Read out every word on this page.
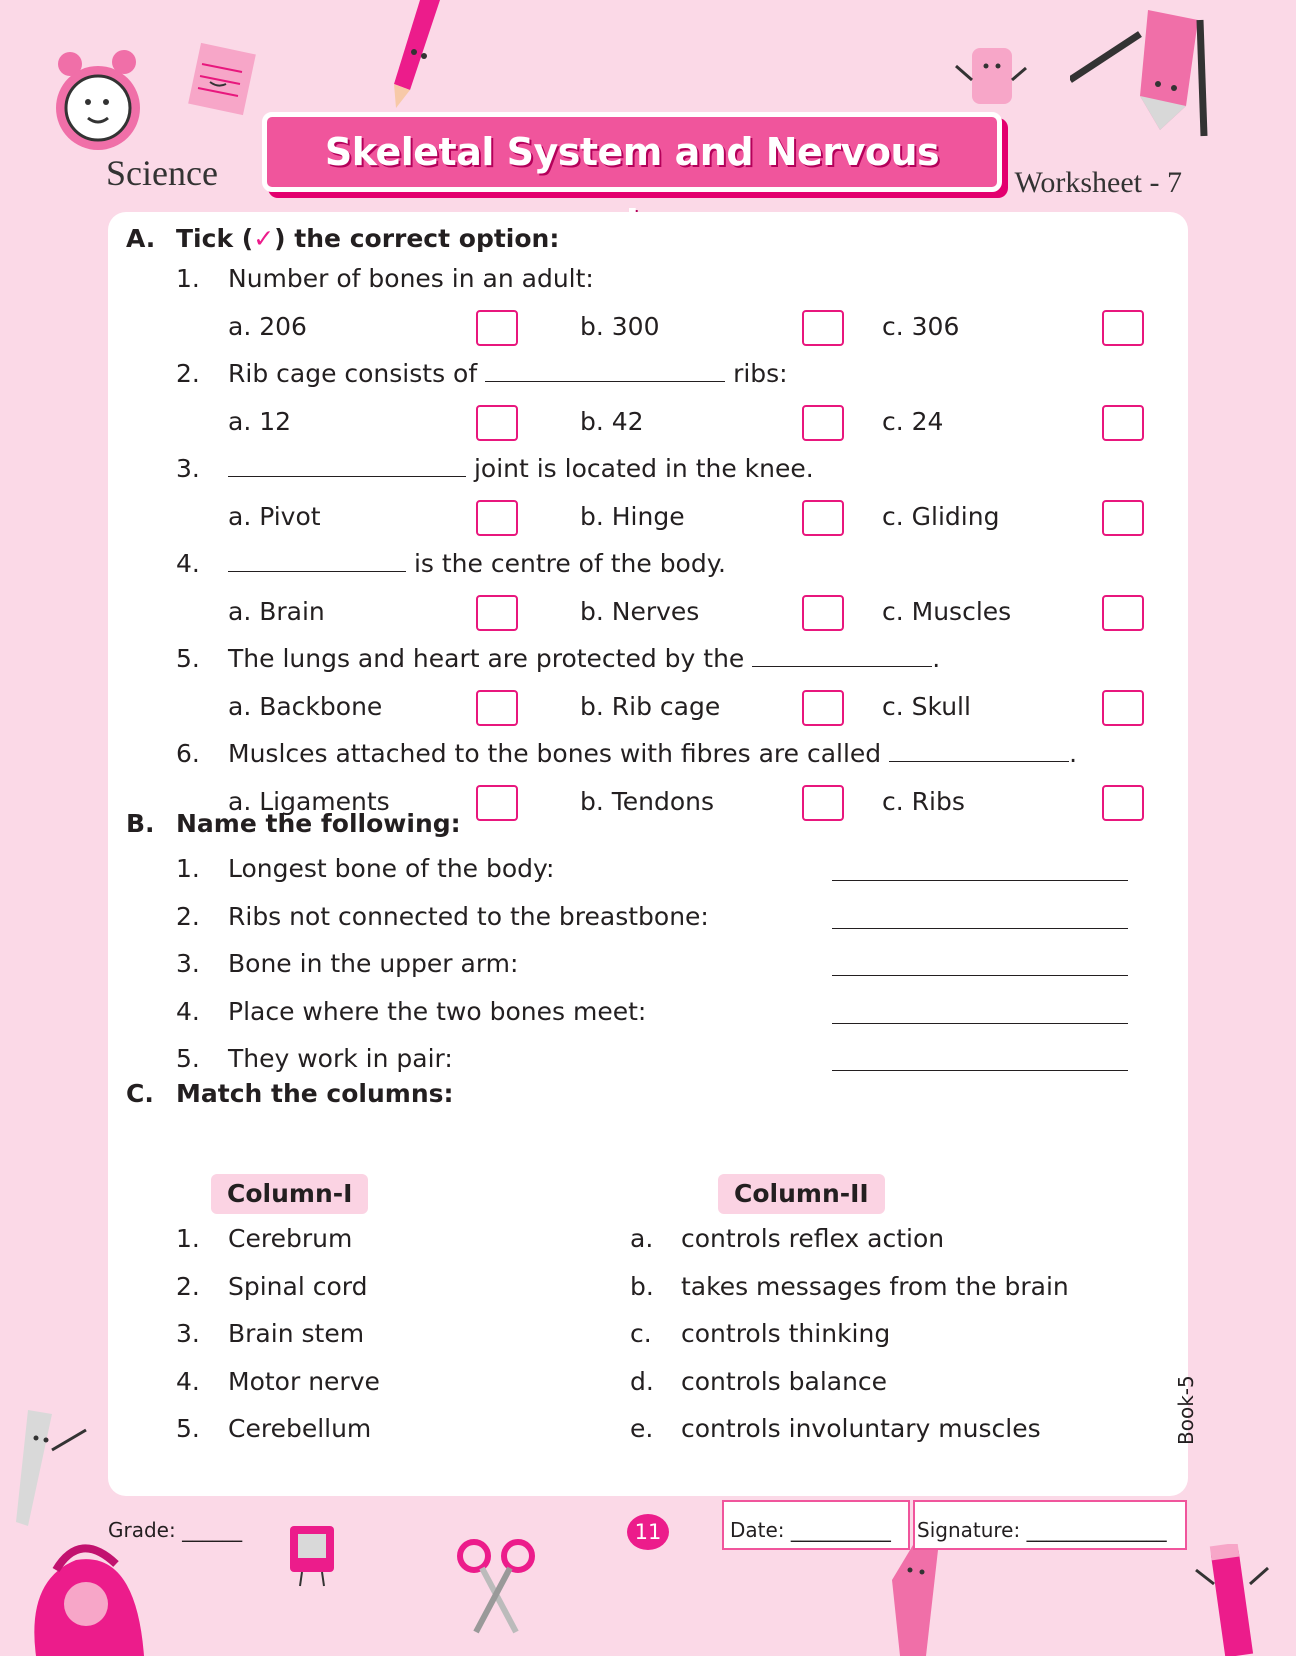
Science	Skeletal System and Nervous
Worksheet - 7
A. Tick (✓) the correct option:
1. Number of bones in an adult:
a. 206	b. 300	c. 306
2. Rib cage consists of	ribs:
a. 12	b. 42	c. 24
3.	joint is located in the knee.
a. Pivot	b. Hinge	c. Gliding
4.	is the centre of the body.
a. Brain	b. Nerves	c. Muscles
5. The lungs and heart are protected by the	.
a. Backbone	b. Rib cage	c. Skull
6. Muslces attached to the bones with fibres are called	.
a. Ligaments	b. Tendons	c. Ribs
B. Name the following:
1. Longest bone of the body:
2. Ribs not connected to the breastbone:
3. Bone in the upper arm:
4. Place where the two bones meet:
5. They work in pair:
C. Match the columns:
Column-I	Column-II
1. Cerebrum	a. controls reflex action
2. Spinal cord	b. takes messages from the brain
3. Brain stem	c. controls thinking
4. Motor nerve	d. controls balance
5. Cerebellum	e. controls involuntary muscles
Grade: ______	11	Date: __________ Signature: ______________
Book-5
